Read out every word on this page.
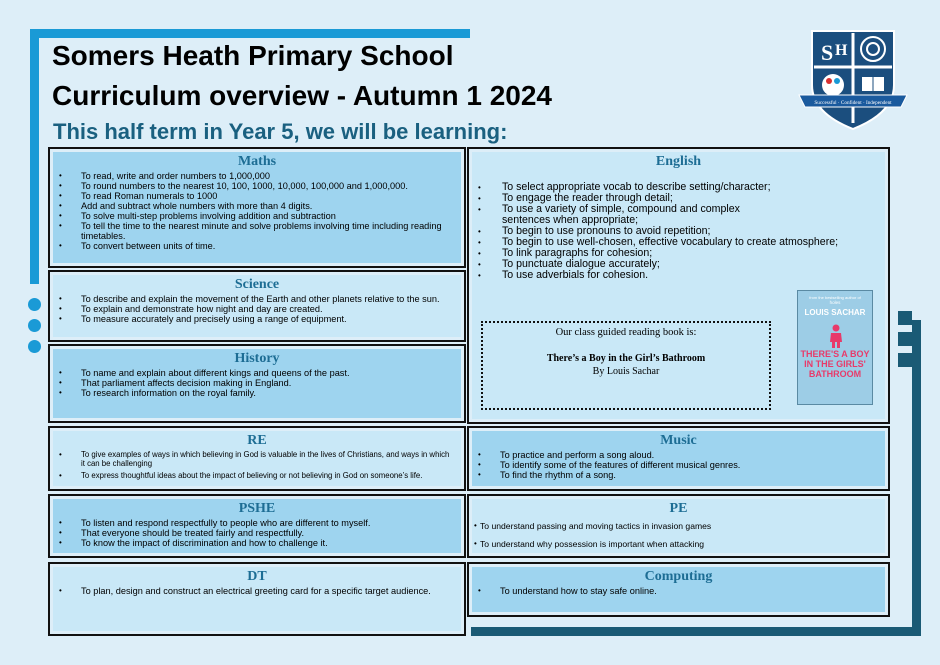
Somers Heath Primary School
Curriculum overview - Autumn 1 2024
This half term in Year 5, we will be learning:
S H
Successful · Confident · Independent
Maths
• To read, write and order numbers to 1,000,000
• To round numbers to the nearest 10, 100, 1000, 10,000, 100,000 and 1,000,000.
• To read Roman numerals to 1000
• Add and subtract whole numbers with more than 4 digits.
• To solve multi-step problems involving addition and subtraction
• To tell the time to the nearest minute and solve problems involving time including reading timetables.
• To convert between units of time.
Science
• To describe and explain the movement of the Earth and other planets relative to the sun.
• To explain and demonstrate how night and day are created.
• To measure accurately and precisely using a range of equipment.
History
• To name and explain about different kings and queens of the past.
• That parliament affects decision making in England.
• To research information on the royal family.
RE
• To give examples of ways in which believing in God is valuable in the lives of Christians, and ways in which it can be challenging
• To express thoughtful ideas about the impact of believing or not believing in God on someone’s life.
PSHE
• To listen and respond respectfully to people who are different to myself.
• That everyone should be treated fairly and respectfully.
• To know the impact of discrimination and how to challenge it.
DT
• To plan, design and construct an electrical greeting card for a specific target audience.
English
• To select appropriate vocab to describe setting/character;
• To engage the reader through detail;
• To use a variety of simple, compound and complex sentences when appropriate;
• To begin to use pronouns to avoid repetition;
• To begin to use well-chosen, effective vocabulary to create atmosphere;
• To link paragraphs for cohesion;
• To punctuate dialogue accurately;
• To use adverbials for cohesion.
Our class guided reading book is:
There’s a Boy in the Girl’s Bathroom
By Louis Sachar
from the bestselling author of
holes
LOUIS SACHAR
THERE'S A BOY IN THE GIRLS' BATHROOM
Music
• To practice and perform a song aloud.
• To identify some of the features of different musical genres.
• To find the rhythm of a song.
PE
• To understand passing and moving tactics in invasion games
• To understand why possession is important when attacking
Computing
• To understand how to stay safe online.
